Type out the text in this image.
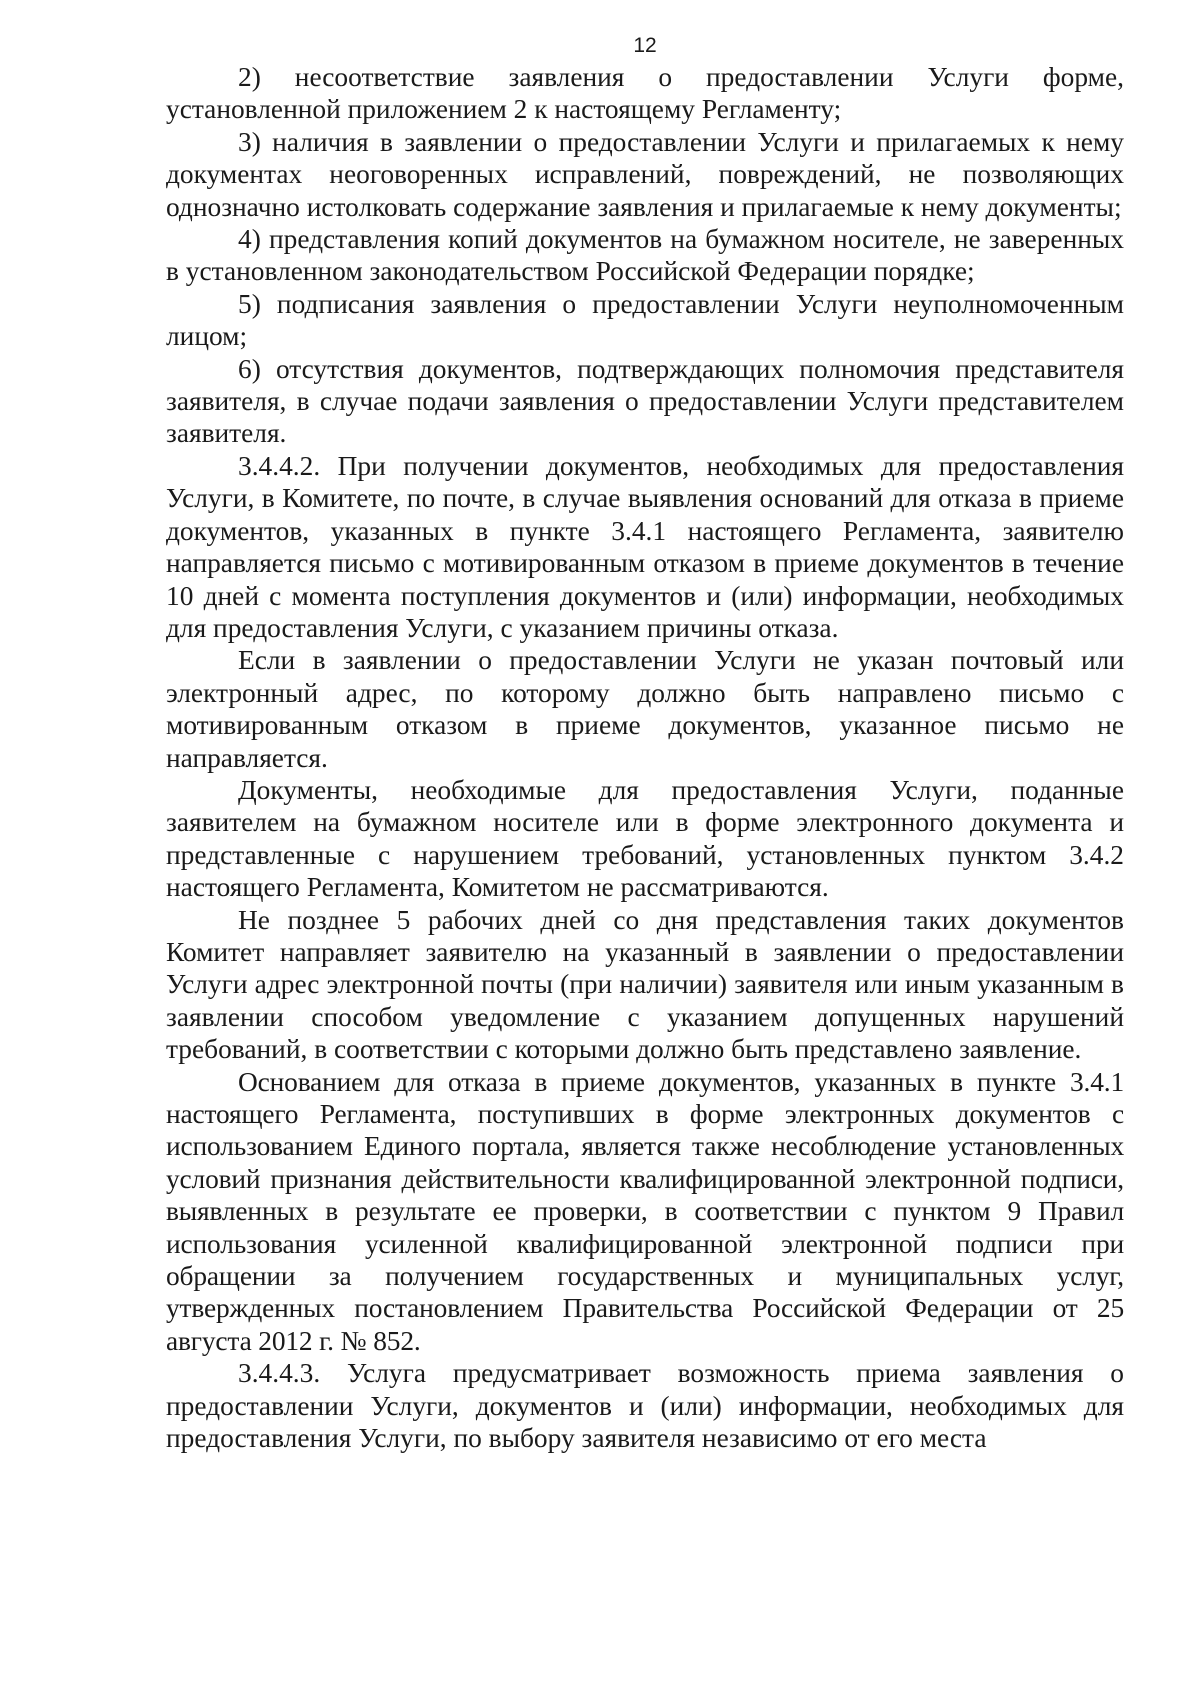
12

2) несоответствие заявления о предоставлении Услуги форме, установленной приложением 2 к настоящему Регламенту;

3) наличия в заявлении о предоставлении Услуги и прилагаемых к нему документах неоговоренных исправлений, повреждений, не позволяющих однозначно истолковать содержание заявления и прилагаемые к нему документы;

4) представления копий документов на бумажном носителе, не заверенных в установленном законодательством Российской Федерации порядке;

5) подписания заявления о предоставлении Услуги неуполномоченным лицом;

6) отсутствия документов, подтверждающих полномочия представителя заявителя, в случае подачи заявления о предоставлении Услуги представителем заявителя.

3.4.4.2. При получении документов, необходимых для предоставления Услуги, в Комитете, по почте, в случае выявления оснований для отказа в приеме документов, указанных в пункте 3.4.1 настоящего Регламента, заявителю направляется письмо с мотивированным отказом в приеме документов в течение 10 дней с момента поступления документов и (или) информации, необходимых для предоставления Услуги, с указанием причины отказа.

Если в заявлении о предоставлении Услуги не указан почтовый или электронный адрес, по которому должно быть направлено письмо с мотивированным отказом в приеме документов, указанное письмо не направляется.

Документы, необходимые для предоставления Услуги, поданные заявителем на бумажном носителе или в форме электронного документа и представленные с нарушением требований, установленных пунктом 3.4.2 настоящего Регламента, Комитетом не рассматриваются.

Не позднее 5 рабочих дней со дня представления таких документов Комитет направляет заявителю на указанный в заявлении о предоставлении Услуги адрес электронной почты (при наличии) заявителя или иным указанным в заявлении способом уведомление с указанием допущенных нарушений требований, в соответствии с которыми должно быть представлено заявление.

Основанием для отказа в приеме документов, указанных в пункте 3.4.1 настоящего Регламента, поступивших в форме электронных документов с использованием Единого портала, является также несоблюдение установленных условий признания действительности квалифицированной электронной подписи, выявленных в результате ее проверки, в соответствии с пунктом 9 Правил использования усиленной квалифицированной электронной подписи при обращении за получением государственных и муниципальных услуг, утвержденных постановлением Правительства Российской Федерации от 25 августа 2012 г. № 852.

3.4.4.3. Услуга предусматривает возможность приема заявления о предоставлении Услуги, документов и (или) информации, необходимых для предоставления Услуги, по выбору заявителя независимо от его места
